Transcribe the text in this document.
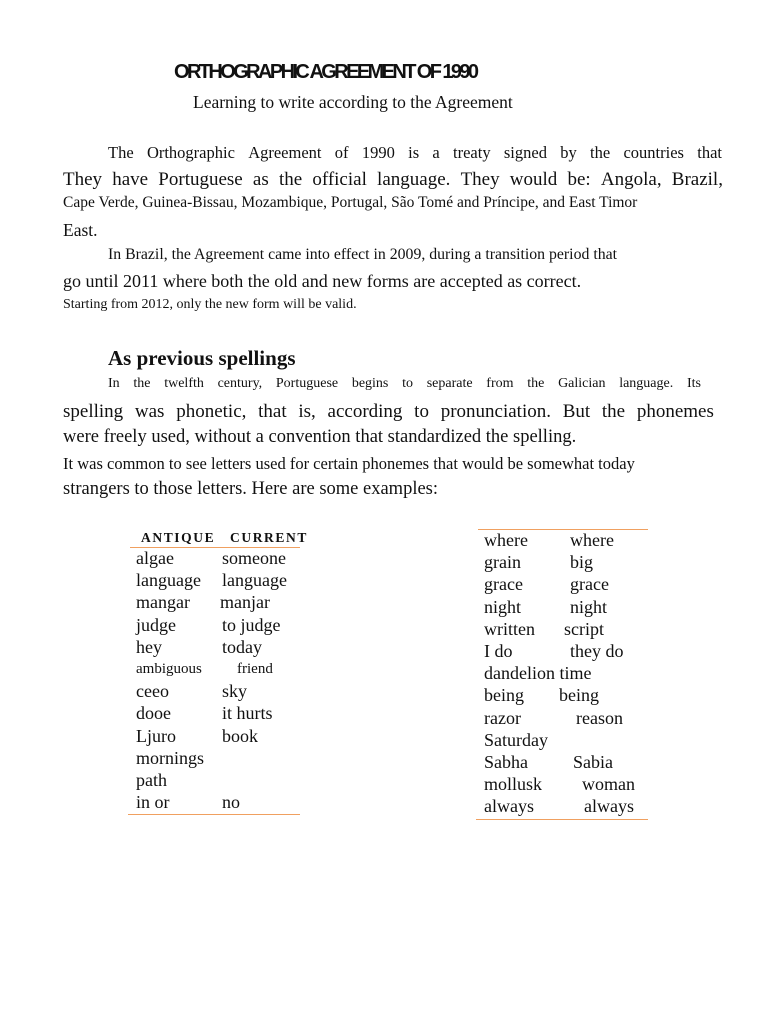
ORTHOGRAPHIC AGREEMENT OF 1990
Learning to write according to the Agreement
The Orthographic Agreement of 1990 is a treaty signed by the countries that
They have Portuguese as the official language. They would be: Angola, Brazil,
Cape Verde, Guinea-Bissau, Mozambique, Portugal, São Tomé and Príncipe, and East Timor
East.
In Brazil, the Agreement came into effect in 2009, during a transition period that
go until 2011 where both the old and new forms are accepted as correct.
Starting from 2012, only the new form will be valid.
As previous spellings
In the twelfth century, Portuguese begins to separate from the Galician language. Its
spelling was phonetic, that is, according to pronunciation. But the phonemes
were freely used, without a convention that standardized the spelling.
It was common to see letters used for certain phonemes that would be somewhat today
strangers to those letters. Here are some examples:
ANTIQUE CURRENT
algae	someone
language language
mangar manjar
judge	to judge
hey	today
ambiguous friend
ceeo	sky
dooe	it hurts
Ljuro	book
mornings
path
in or	no
where where
grain	big
grace	grace
night	night
written script
I do	they do
dandelion time
being being
razor	reason
Saturday
Sabha	Sabia
mollusk woman
always	always
